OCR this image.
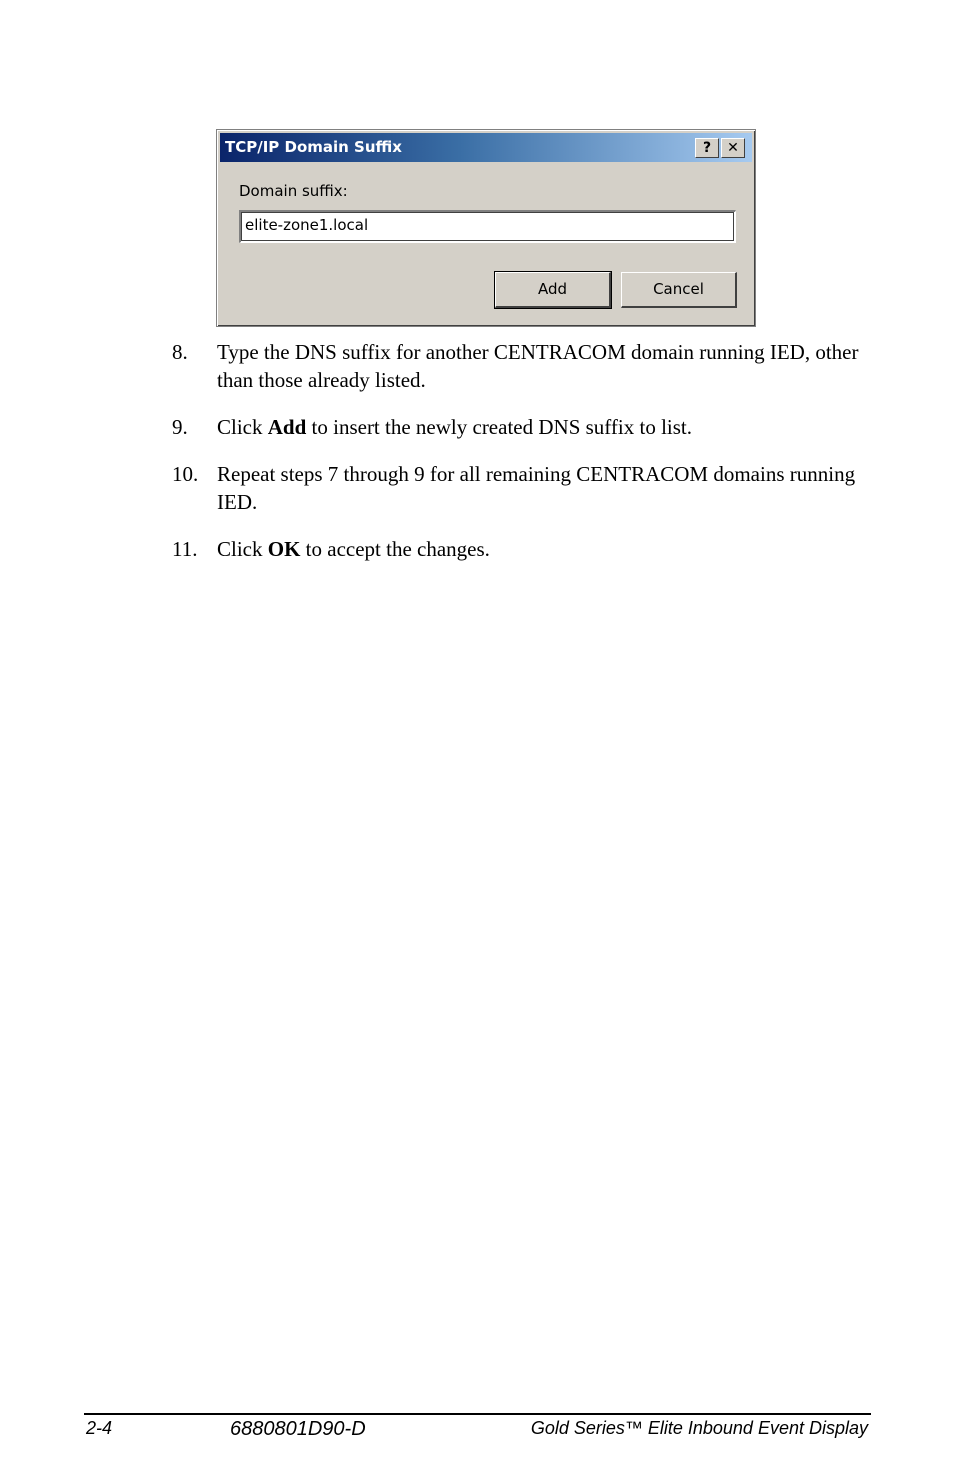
TCP/IP Domain Suffix	?	✕
Domain suffix:
elite-zone1.local
Add	Cancel
8. Type the DNS suffix for another CENTRACOM domain running IED, other than those already listed.
9. Click Add to insert the newly created DNS suffix to list.
10. Repeat steps 7 through 9 for all remaining CENTRACOM domains running IED.
11. Click OK to accept the changes.
2-4	6880801D90-D	Gold Series™ Elite Inbound Event Display
